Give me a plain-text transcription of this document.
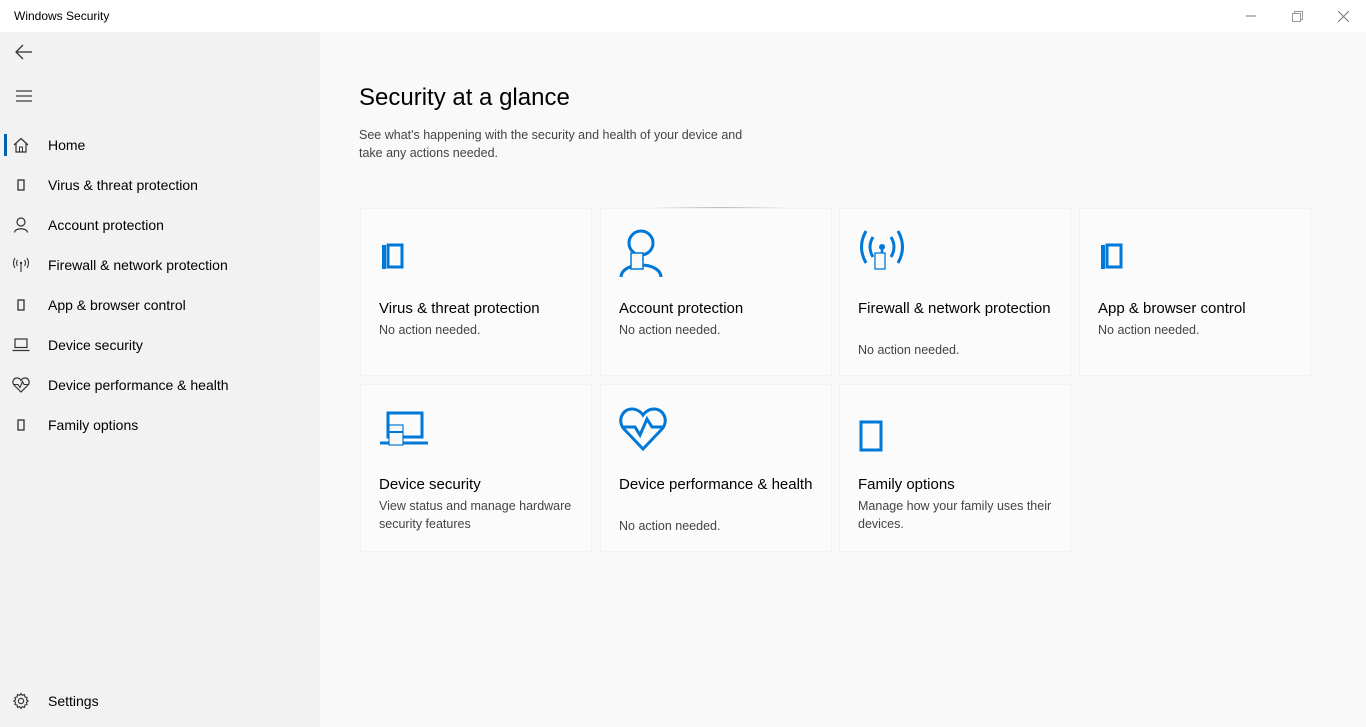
Windows Security
Home
Virus & threat protection
Account protection
Firewall & network protection
App & browser control
Device security
Device performance & health
Family options
Settings
Security at a glance
See what's happening with the security and health of your device and take any actions needed.
Virus & threat protection
No action needed.
Account protection
No action needed.
Firewall & network protection
No action needed.
App & browser control
No action needed.
Device security
View status and manage hardware security features
Device performance & health
No action needed.
Family options
Manage how your family uses their devices.
